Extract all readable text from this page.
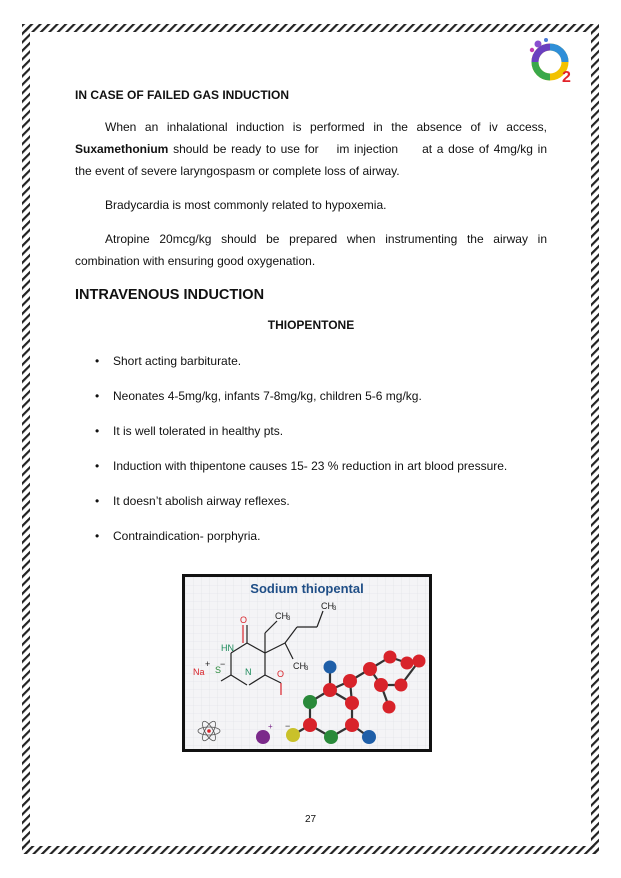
2
IN CASE OF FAILED GAS INDUCTION

When an inhalational induction is performed in the absence of iv access, Suxamethonium should be ready to use for im injection at a dose of 4mg/kg in the event of severe laryngospasm or complete loss of airway.

Bradycardia is most commonly related to hypoxemia.

Atropine 20mcg/kg should be prepared when instrumenting the airway in combination with ensuring good oxygenation.

INTRAVENOUS INDUCTION
THIOPENTONE
• Short acting barbiturate.
• Neonates 4-5mg/kg, infants 7-8mg/kg, children 5-6 mg/kg.
• It is well tolerated in healthy pts.
• Induction with thipentone causes 15- 23 % reduction in art blood pressure.
• It doesn’t abolish airway reflexes.
• Contraindication- porphyria.
O
HN
N	O
S
−
Na
+
CH 3
CH 3
CH 3
+ −
Sodium thiopental
27
